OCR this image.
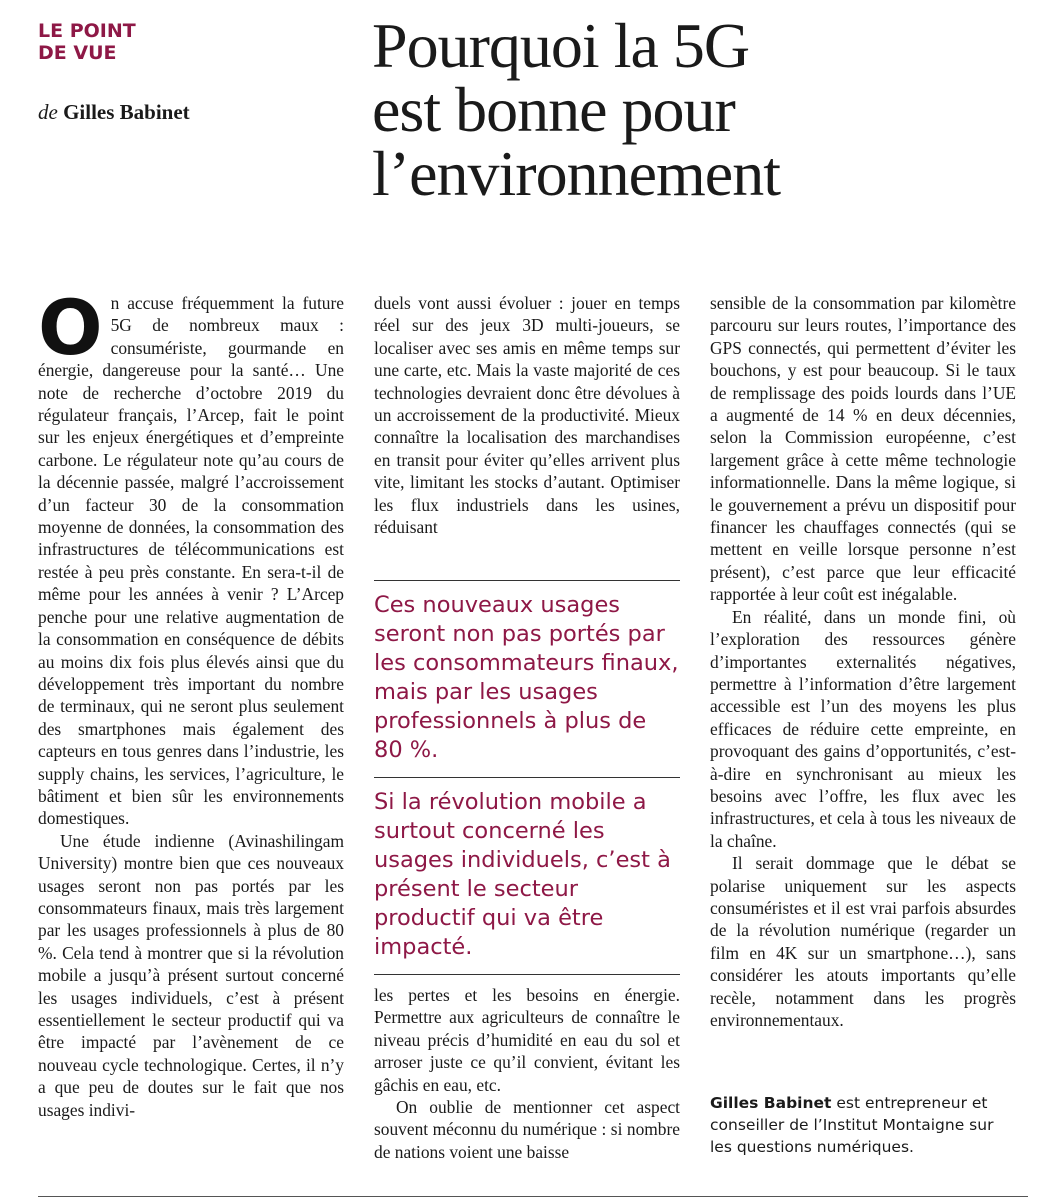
LE POINT
DE VUE
de Gilles Babinet
Pourquoi la 5G
est bonne pour
l’environnement

On accuse fréquemment la future 5G de nombreux maux : consumériste, gourmande en énergie, dangereuse pour la santé… Une note de recherche d’octobre 2019 du régulateur français, l’Arcep, fait le point sur les enjeux énergétiques et d’empreinte carbone. Le régulateur note qu’au cours de la décennie passée, malgré l’accroissement d’un facteur 30 de la consommation moyenne de données, la consommation des infrastructures de télécommunications est restée à peu près constante. En sera-t-il de même pour les années à venir ? L’Arcep penche pour une relative augmentation de la consommation en conséquence de débits au moins dix fois plus élevés ainsi que du développement très important du nombre de terminaux, qui ne seront plus seulement des smartphones mais également des capteurs en tous genres dans l’industrie, les supply chains, les services, l’agriculture, le bâtiment et bien sûr les environnements domestiques.

Une étude indienne (Avinashilingam University) montre bien que ces nouveaux usages seront non pas portés par les consommateurs finaux, mais très largement par les usages professionnels à plus de 80 %. Cela tend à montrer que si la révolution mobile a jusqu’à présent surtout concerné les usages individuels, c’est à présent essentiellement le secteur productif qui va être impacté par l’avènement de ce nouveau cycle technologique. Certes, il n’y a que peu de doutes sur le fait que nos usages indivi-

duels vont aussi évoluer : jouer en temps réel sur des jeux 3D multi-joueurs, se localiser avec ses amis en même temps sur une carte, etc. Mais la vaste majorité de ces technologies devraient donc être dévolues à un accroissement de la productivité. Mieux connaître la localisation des marchandises en transit pour éviter qu’elles arrivent plus vite, limitant les stocks d’autant. Optimiser les flux industriels dans les usines, réduisant

Ces nouveaux usages seront non pas portés par les consommateurs finaux, mais par les usages professionnels à plus de 80 %.

Si la révolution mobile a surtout concerné les usages individuels, c’est à présent le secteur productif qui va être impacté.

les pertes et les besoins en énergie. Permettre aux agriculteurs de connaître le niveau précis d’humidité en eau du sol et arroser juste ce qu’il convient, évitant les gâchis en eau, etc.

On oublie de mentionner cet aspect souvent méconnu du numérique : si nombre de nations voient une baisse

sensible de la consommation par kilomètre parcouru sur leurs routes, l’importance des GPS connectés, qui permettent d’éviter les bouchons, y est pour beaucoup. Si le taux de remplissage des poids lourds dans l’UE a augmenté de 14 % en deux décennies, selon la Commission européenne, c’est largement grâce à cette même technologie informationnelle. Dans la même logique, si le gouvernement a prévu un dispositif pour financer les chauffages connectés (qui se mettent en veille lorsque personne n’est présent), c’est parce que leur efficacité rapportée à leur coût est inégalable.

En réalité, dans un monde fini, où l’exploration des ressources génère d’importantes externalités négatives, permettre à l’information d’être largement accessible est l’un des moyens les plus efficaces de réduire cette empreinte, en provoquant des gains d’opportunités, c’est-à-dire en synchronisant au mieux les besoins avec l’offre, les flux avec les infrastructures, et cela à tous les niveaux de la chaîne.

Il serait dommage que le débat se polarise uniquement sur les aspects consuméristes et il est vrai parfois absurdes de la révolution numérique (regarder un film en 4K sur un smartphone…), sans considérer les atouts importants qu’elle recèle, notamment dans les progrès environnementaux.

Gilles Babinet est entrepreneur et conseiller de l’Institut Montaigne sur les questions numériques.
